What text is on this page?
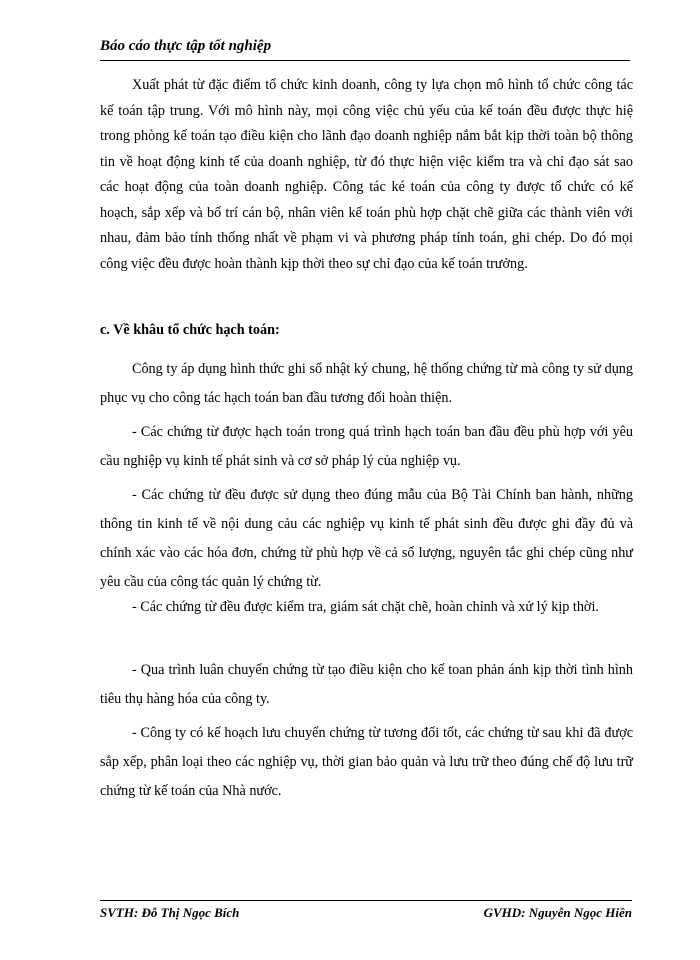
Báo cáo thực tập tốt nghiệp

Xuất phát từ đặc điểm tổ chức kinh doanh, công ty lựa chọn mô hình tổ chức công tác kế toán tập trung. Với mô hình này, mọi công việc chủ yếu của kế toán đều được thực hiệ trong phòng kế toán tạo điều kiện cho lãnh đạo doanh nghiệp nắm bắt kịp thời toàn bộ thông tin về hoạt động kinh tế của doanh nghiệp, từ đó thực hiện việc kiểm tra và chỉ đạo sát sao các hoạt động của toàn doanh nghiệp. Công tác ké toán của công ty được tổ chức có kế hoạch, sắp xếp và bố trí cán bộ, nhân viên kế toán phù hợp chặt chẽ giữa các thành viên với nhau, đảm bảo tính thống nhất về phạm vi và phương pháp tính toán, ghi chép. Do đó mọi công việc đều được hoàn thành kịp thời theo sự chỉ đạo của kế toán trưởng.

c. Về khâu tổ chức hạch toán:

Công ty áp dụng hình thức ghi sổ nhật ký chung, hệ thống chứng từ mà công ty sử dụng phục vụ cho công tác hạch toán ban đầu tương đối hoàn thiện.

- Các chứng từ được hạch toán trong quá trình hạch toán ban đầu đều phù hợp với yêu cầu nghiệp vụ kinh tế phát sinh và cơ sở pháp lý của nghiệp vụ.

- Các chứng từ đều được sử dụng theo đúng mẫu của Bộ Tài Chính ban hành, những thông tin kinh tế về nội dung cảu các nghiệp vụ kinh tế phát sinh đều được ghi đầy đủ và chính xác vào các hóa đơn, chứng từ phù hợp về cả số lượng, nguyên tắc ghi chép cũng như yêu cầu của công tác quản lý chứng từ.

- Các chứng từ đều được kiểm tra, giám sát chặt chẽ, hoàn chỉnh và xử lý kịp thời.

- Qua trình luân chuyển chứng từ tạo điều kiện cho kế toan phản ánh kịp thời tình hình tiêu thụ hàng hóa của công ty.

- Công ty có kế hoạch lưu chuyển chứng từ tương đối tốt, các chứng từ sau khi đã được sắp xếp, phân loại theo các nghiệp vụ, thời gian bảo quản và lưu trữ theo đúng chế độ lưu trữ chứng từ kế toán của Nhà nước.

SVTH: Đỗ Thị Ngọc Bích	GVHD: Nguyễn Ngọc Hiền
